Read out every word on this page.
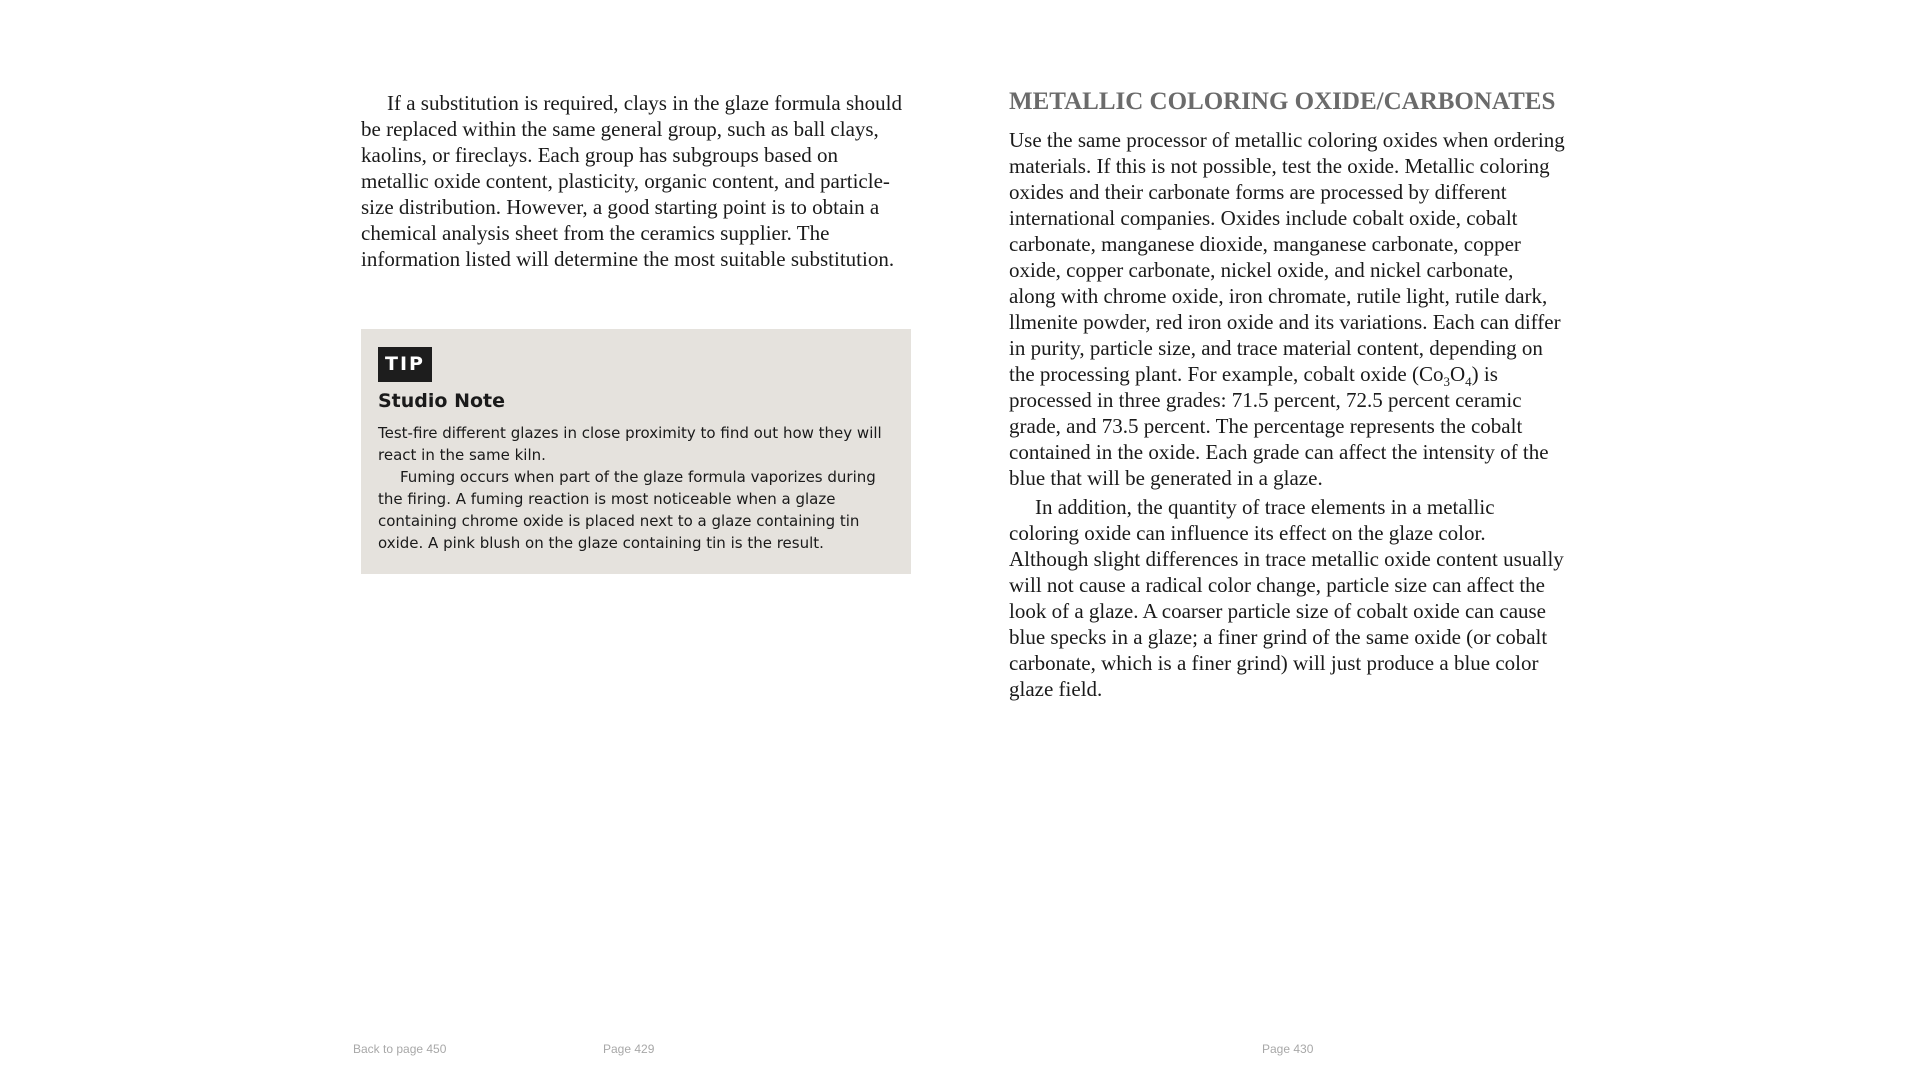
If a substitution is required, clays in the glaze formula should be replaced within the same general group, such as ball clays, kaolins, or fireclays. Each group has subgroups based on metallic oxide content, plasticity, organic content, and particle-size distribution. However, a good starting point is to obtain a chemical analysis sheet from the ceramics supplier. The information listed will determine the most suitable substitution.

TIP
Studio Note

Test-fire different glazes in close proximity to find out how they will react in the same kiln.

Fuming occurs when part of the glaze formula vaporizes during the firing. A fuming reaction is most noticeable when a glaze containing chrome oxide is placed next to a glaze containing tin oxide. A pink blush on the glaze containing tin is the result.

METALLIC COLORING OXIDE/CARBONATES

Use the same processor of metallic coloring oxides when ordering materials. If this is not possible, test the oxide. Metallic coloring oxides and their carbonate forms are processed by different international companies. Oxides include cobalt oxide, cobalt carbonate, manganese dioxide, manganese carbonate, copper oxide, copper carbonate, nickel oxide, and nickel carbonate, along with chrome oxide, iron chromate, rutile light, rutile dark, llmenite powder, red iron oxide and its variations. Each can differ in purity, particle size, and trace material content, depending on the processing plant. For example, cobalt oxide $(Co_3O_4)$ is processed in three grades: 71.5 percent, 72.5 percent ceramic grade, and 73.5 percent. The percentage represents the cobalt contained in the oxide. Each grade can affect the intensity of the blue that will be generated in a glaze.

In addition, the quantity of trace elements in a metallic coloring oxide can influence its effect on the glaze color. Although slight differences in trace metallic oxide content usually will not cause a radical color change, particle size can affect the look of a glaze. A coarser particle size of cobalt oxide can cause blue specks in a glaze; a finer grind of the same oxide (or cobalt carbonate, which is a finer grind) will just produce a blue color glaze field.

Back to page 450	Page 429	Page 430
